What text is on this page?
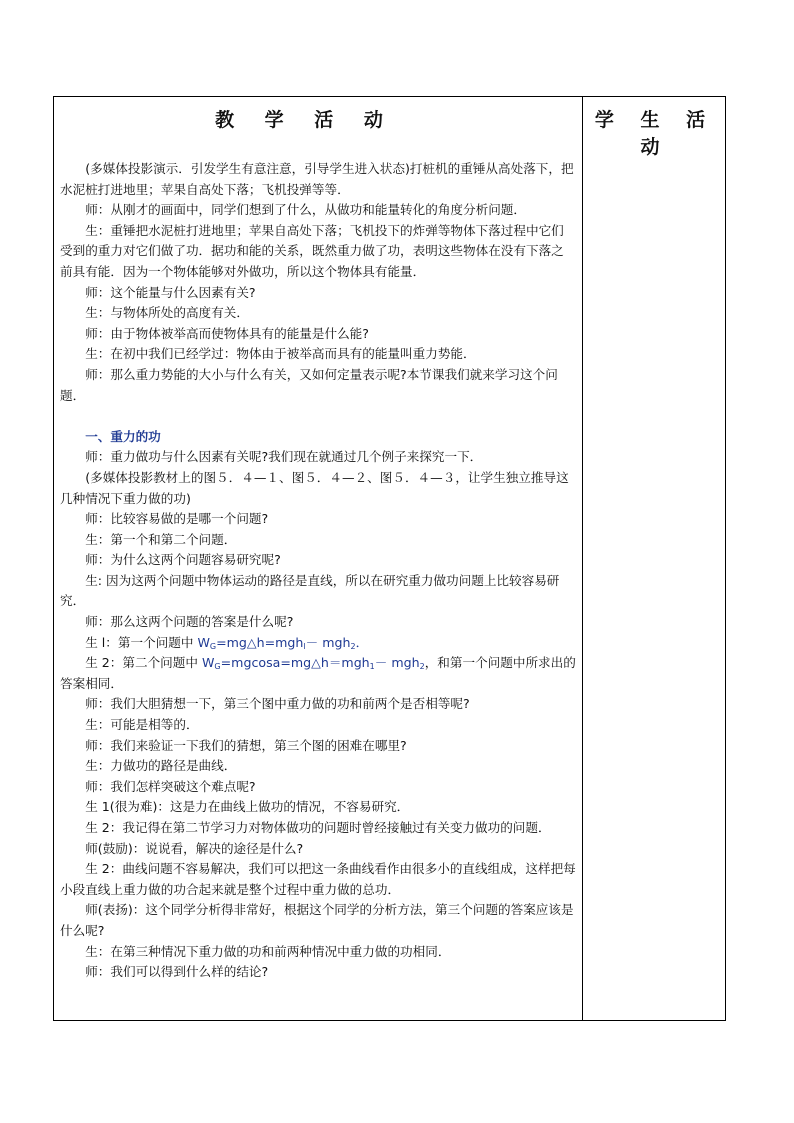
教 学 活 动	学 生 活 动

(多媒体投影演示．引发学生有意注意，引导学生进入状态)打桩机的重锤从高处落下，把水泥桩打进地里；苹果自高处下落；飞机投弹等等．

师：从刚才的画面中，同学们想到了什么，从做功和能量转化的角度分析问题．

生：重锤把水泥桩打进地里；苹果自高处下落；飞机投下的炸弹等物体下落过程中它们受到的重力对它们做了功．据功和能的关系，既然重力做了功，表明这些物体在没有下落之前具有能．因为一个物体能够对外做功，所以这个物体具有能量．

师：这个能量与什么因素有关?

生：与物体所处的高度有关．

师：由于物体被举高而使物体具有的能量是什么能?

生：在初中我们已经学过：物体由于被举高而具有的能量叫重力势能．

师：那么重力势能的大小与什么有关，又如何定量表示呢?本节课我们就来学习这个问题．

一、重力的功

师：重力做功与什么因素有关呢?我们现在就通过几个例子来探究一下．

(多媒体投影教材上的图５．４—１、图５．４—２、图５．４—３，让学生独立推导这几种情况下重力做的功)

师：比较容易做的是哪一个问题?

生：第一个和第二个问题．

师：为什么这两个问题容易研究呢?

生: 因为这两个问题中物体运动的路径是直线，所以在研究重力做功问题上比较容易研究．

师：那么这两个问题的答案是什么呢?

生 l：第一个问题中 $W_G=mg\triangle h=mgh_l- mgh_2$．

生 2：第二个问题中 $W_G=mgcosa=mg\triangle h=mgh_1- mgh_2$，和第一个问题中所求出的答案相同．

师：我们大胆猜想一下，第三个图中重力做的功和前两个是否相等呢?

生：可能是相等的．

师：我们来验证一下我们的猜想，第三个图的困难在哪里?

生：力做功的路径是曲线．

师：我们怎样突破这个难点呢?

生 1(很为难)：这是力在曲线上做功的情况，不容易研究．

生 2：我记得在第二节学习力对物体做功的问题时曾经接触过有关变力做功的问题．

师(鼓励)：说说看，解决的途径是什么?

生 2：曲线问题不容易解决，我们可以把这一条曲线看作由很多小的直线组成，这样把每小段直线上重力做的功合起来就是整个过程中重力做的总功．

师(表扬)：这个同学分析得非常好，根据这个同学的分析方法，第三个问题的答案应该是什么呢?

生：在第三种情况下重力做的功和前两种情况中重力做的功相同．

师：我们可以得到什么样的结论?
